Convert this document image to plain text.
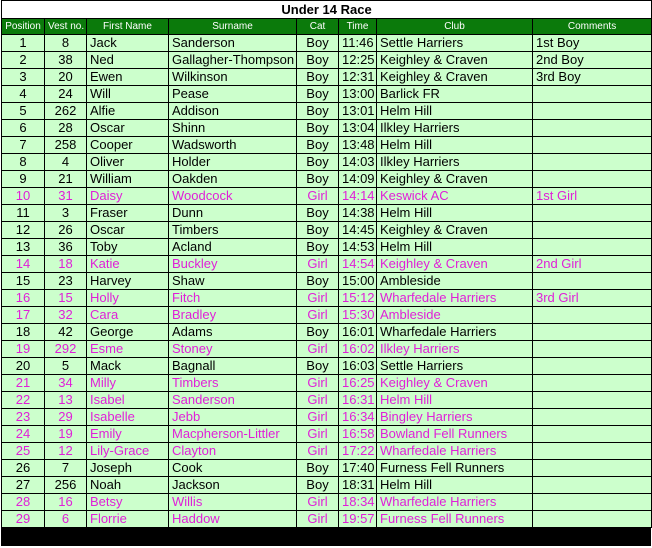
Under 14 Race							
Position	Vest no.	First Name	Surname	Cat	Time	Club	Comments
1	8	Jack	Sanderson	Boy	11:46	Settle Harriers	1st Boy
2	38	Ned	Gallagher-Thompson	Boy	12:25	Keighley & Craven	2nd Boy
3	20	Ewen	Wilkinson	Boy	12:31	Keighley & Craven	3rd Boy
4	24	Will	Pease	Boy	13:00	Barlick FR	
5	262	Alfie	Addison	Boy	13:01	Helm Hill	
6	28	Oscar	Shinn	Boy	13:04	Ilkley Harriers	
7	258	Cooper	Wadsworth	Boy	13:48	Helm Hill	
8	4	Oliver	Holder	Boy	14:03	Ilkley Harriers	
9	21	William	Oakden	Boy	14:09	Keighley & Craven	
10	31	Daisy	Woodcock	Girl	14:14	Keswick AC	1st Girl
11	3	Fraser	Dunn	Boy	14:38	Helm Hill	
12	26	Oscar	Timbers	Boy	14:45	Keighley & Craven	
13	36	Toby	Acland	Boy	14:53	Helm Hill	
14	18	Katie	Buckley	Girl	14:54	Keighley & Craven	2nd Girl
15	23	Harvey	Shaw	Boy	15:00	Ambleside	
16	15	Holly	Fitch	Girl	15:12	Wharfedale Harriers	3rd Girl
17	32	Cara	Bradley	Girl	15:30	Ambleside	
18	42	George	Adams	Boy	16:01	Wharfedale Harriers	
19	292	Esme	Stoney	Girl	16:02	Ilkley Harriers	
20	5	Mack	Bagnall	Boy	16:03	Settle Harriers	
21	34	Milly	Timbers	Girl	16:25	Keighley & Craven	
22	13	Isabel	Sanderson	Girl	16:31	Helm Hill	
23	29	Isabelle	Jebb	Girl	16:34	Bingley Harriers	
24	19	Emily	Macpherson-Littler	Girl	16:58	Bowland Fell Runners	
25	12	Lily-Grace	Clayton	Girl	17:22	Wharfedale Harriers	
26	7	Joseph	Cook	Boy	17:40	Furness Fell Runners	
27	256	Noah	Jackson	Boy	18:31	Helm Hill	
28	16	Betsy	Willis	Girl	18:34	Wharfedale Harriers	
29	6	Florrie	Haddow	Girl	19:57	Furness Fell Runners	
